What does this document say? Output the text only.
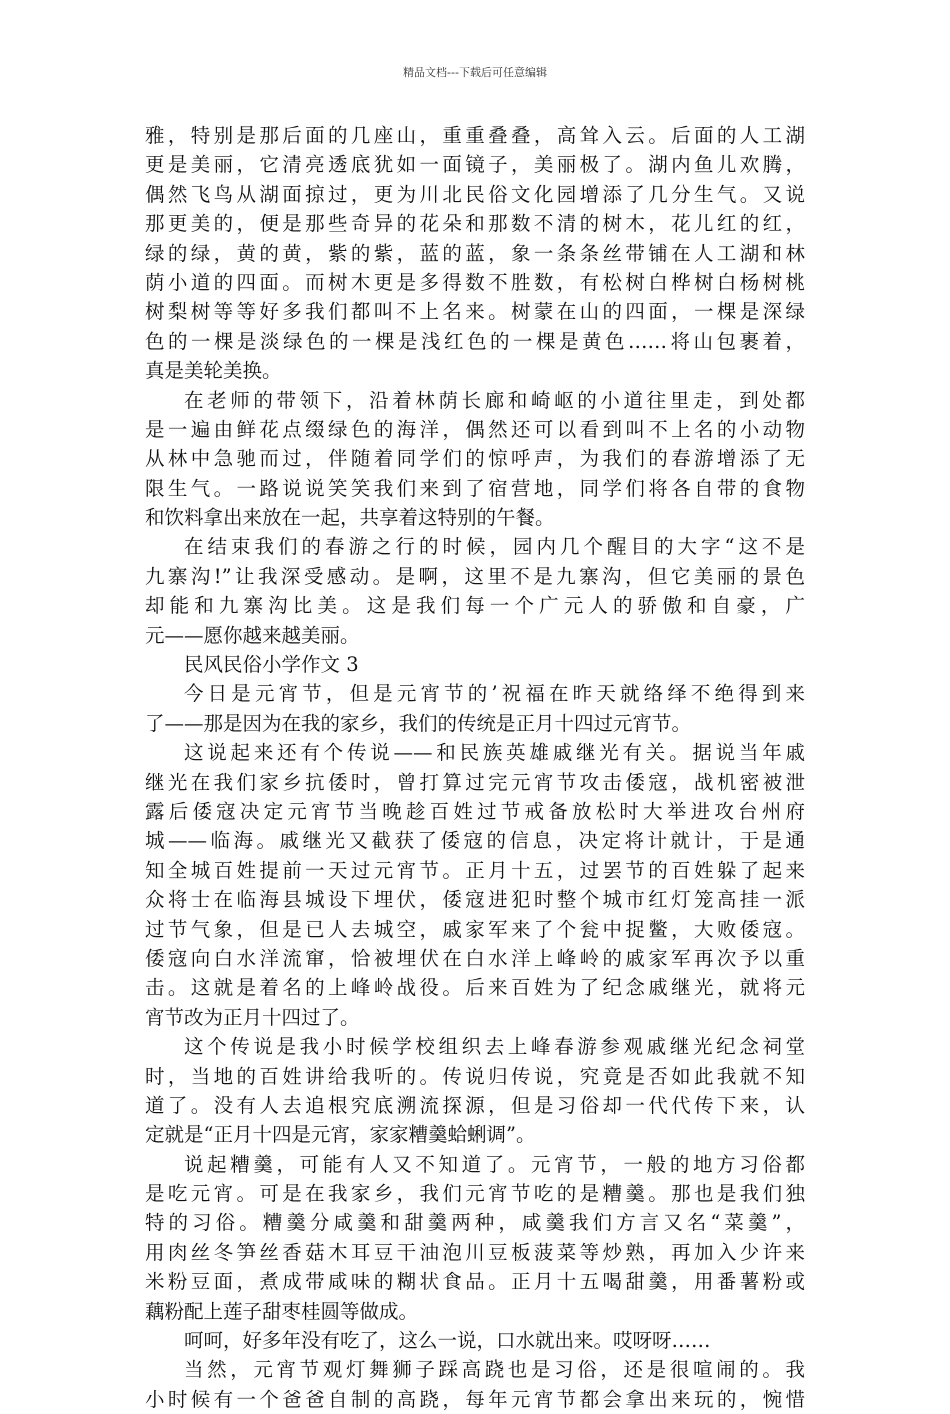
精品文档---下载后可任意编辑
雅，特别是那后面的几座山，重重叠叠，高耸入云。后面的人工湖
更是美丽，它清亮透底犹如一面镜子，美丽极了。湖内鱼儿欢腾，
偶然飞鸟从湖面掠过，更为川北民俗文化园增添了几分生气。又说
那更美的，便是那些奇异的花朵和那数不清的树木，花儿红的红，
绿的绿，黄的黄，紫的紫，蓝的蓝，象一条条丝带铺在人工湖和林
荫小道的四面。而树木更是多得数不胜数，有松树白桦树白杨树桃
树梨树等等好多我们都叫不上名来。树蒙在山的四面，一棵是深绿
色的一棵是淡绿色的一棵是浅红色的一棵是黄色……将山包裹着，
真是美轮美换。
在老师的带领下，沿着林荫长廊和崎岖的小道往里走，到处都
是一遍由鲜花点缀绿色的海洋，偶然还可以看到叫不上名的小动物
从林中急驰而过，伴随着同学们的惊呼声，为我们的春游增添了无
限生气。一路说说笑笑我们来到了宿营地，同学们将各自带的食物
和饮料拿出来放在一起，共享着这特别的午餐。
在结束我们的春游之行的时候，园内几个醒目的大字“这不是
九寨沟!”让我深受感动。是啊，这里不是九寨沟，但它美丽的景色
却能和九寨沟比美。这是我们每一个广元人的骄傲和自豪，广
元——愿你越来越美丽。
民风民俗小学作文 3
今日是元宵节，但是元宵节的’祝福在昨天就络绎不绝得到来
了——那是因为在我的家乡，我们的传统是正月十四过元宵节。
这说起来还有个传说——和民族英雄戚继光有关。据说当年戚
继光在我们家乡抗倭时，曾打算过完元宵节攻击倭寇，战机密被泄
露后倭寇决定元宵节当晚趁百姓过节戒备放松时大举进攻台州府
城——临海。戚继光又截获了倭寇的信息，决定将计就计，于是通
知全城百姓提前一天过元宵节。正月十五，过罢节的百姓躲了起来
众将士在临海县城设下埋伏，倭寇进犯时整个城市红灯笼高挂一派
过节气象，但是已人去城空，戚家军来了个瓮中捉鳖，大败倭寇。
倭寇向白水洋流窜，恰被埋伏在白水洋上峰岭的戚家军再次予以重
击。这就是着名的上峰岭战役。后来百姓为了纪念戚继光，就将元
宵节改为正月十四过了。
这个传说是我小时候学校组织去上峰春游参观戚继光纪念祠堂
时，当地的百姓讲给我听的。传说归传说，究竟是否如此我就不知
道了。没有人去追根究底溯流探源，但是习俗却一代代传下来，认
定就是“正月十四是元宵，家家糟羹蛤蜊调”。
说起糟羹，可能有人又不知道了。元宵节，一般的地方习俗都
是吃元宵。可是在我家乡，我们元宵节吃的是糟羹。那也是我们独
特的习俗。糟羹分咸羹和甜羹两种，咸羹我们方言又名“菜羹”，
用肉丝冬笋丝香菇木耳豆干油泡川豆板菠菜等炒熟，再加入少许来
米粉豆面，煮成带咸味的糊状食品。正月十五喝甜羹，用番薯粉或
藕粉配上莲子甜枣桂圆等做成。
呵呵，好多年没有吃了，这么一说，口水就出来。哎呀呀……
当然，元宵节观灯舞狮子踩高跷也是习俗，还是很喧闹的。我
小时候有一个爸爸自制的高跷，每年元宵节都会拿出来玩的，惋惜
